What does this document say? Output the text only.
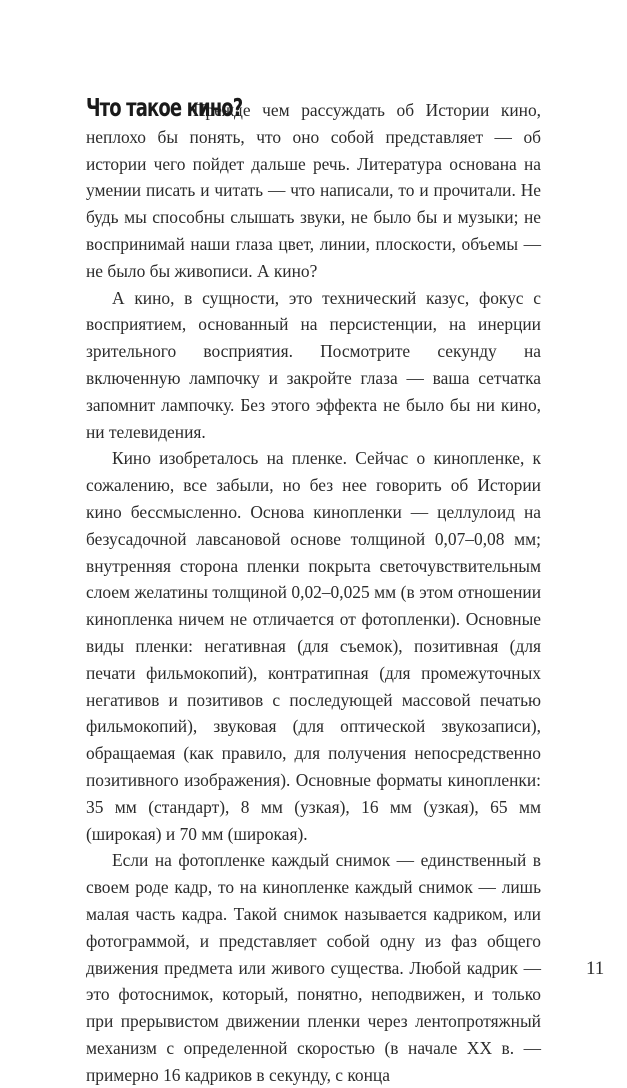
Что такое кино?Прежде чем рассуждать об Истории кино, неплохо бы понять, что оно собой представляет — об истории чего пойдет дальше речь. Литература основана на умении писать и читать — что написали, то и прочитали. Не будь мы способны слышать звуки, не было бы и музыки; не воспринимай наши глаза цвет, линии, плоскости, объемы — не было бы живописи. А кино?

А кино, в сущности, это технический казус, фокус с восприятием, основанный на персистенции, на инерции зрительного восприятия. Посмотрите секунду на включенную лампочку и закройте глаза — ваша сетчатка запомнит лампочку. Без этого эффекта не было бы ни кино, ни телевидения.

Кино изобреталось на пленке. Сейчас о кинопленке, к сожалению, все забыли, но без нее говорить об Истории кино бессмысленно. Основа кинопленки — целлулоид на безусадочной лавсановой основе толщиной 0,07–0,08 мм; внутренняя сторона пленки покрыта светочувствительным слоем желатины толщиной 0,02–0,025 мм (в этом отношении кинопленка ничем не отличается от фотопленки). Основные виды пленки: негативная (для съемок), позитивная (для печати фильмокопий), контратипная (для промежуточных негативов и позитивов с последующей массовой печатью фильмокопий), звуковая (для оптической звукозаписи), обращаемая (как правило, для получения непосредственно позитивного изображения). Основные форматы кинопленки: 35 мм (стандарт), 8 мм (узкая), 16 мм (узкая), 65 мм (широкая) и 70 мм (широкая).

Если на фотопленке каждый снимок — единственный в своем роде кадр, то на кинопленке каждый снимок — лишь малая часть кадра. Такой снимок называется кадриком, или фотограммой, и представляет собой одну из фаз общего движения предмета или живого существа. Любой кадрик — это фотоснимок, который, понятно, неподвижен, и только при прерывистом движении пленки через лентопротяжный механизм с определенной скоростью (в начале XX в. — примерно 16 кадриков в секунду, с конца

11
